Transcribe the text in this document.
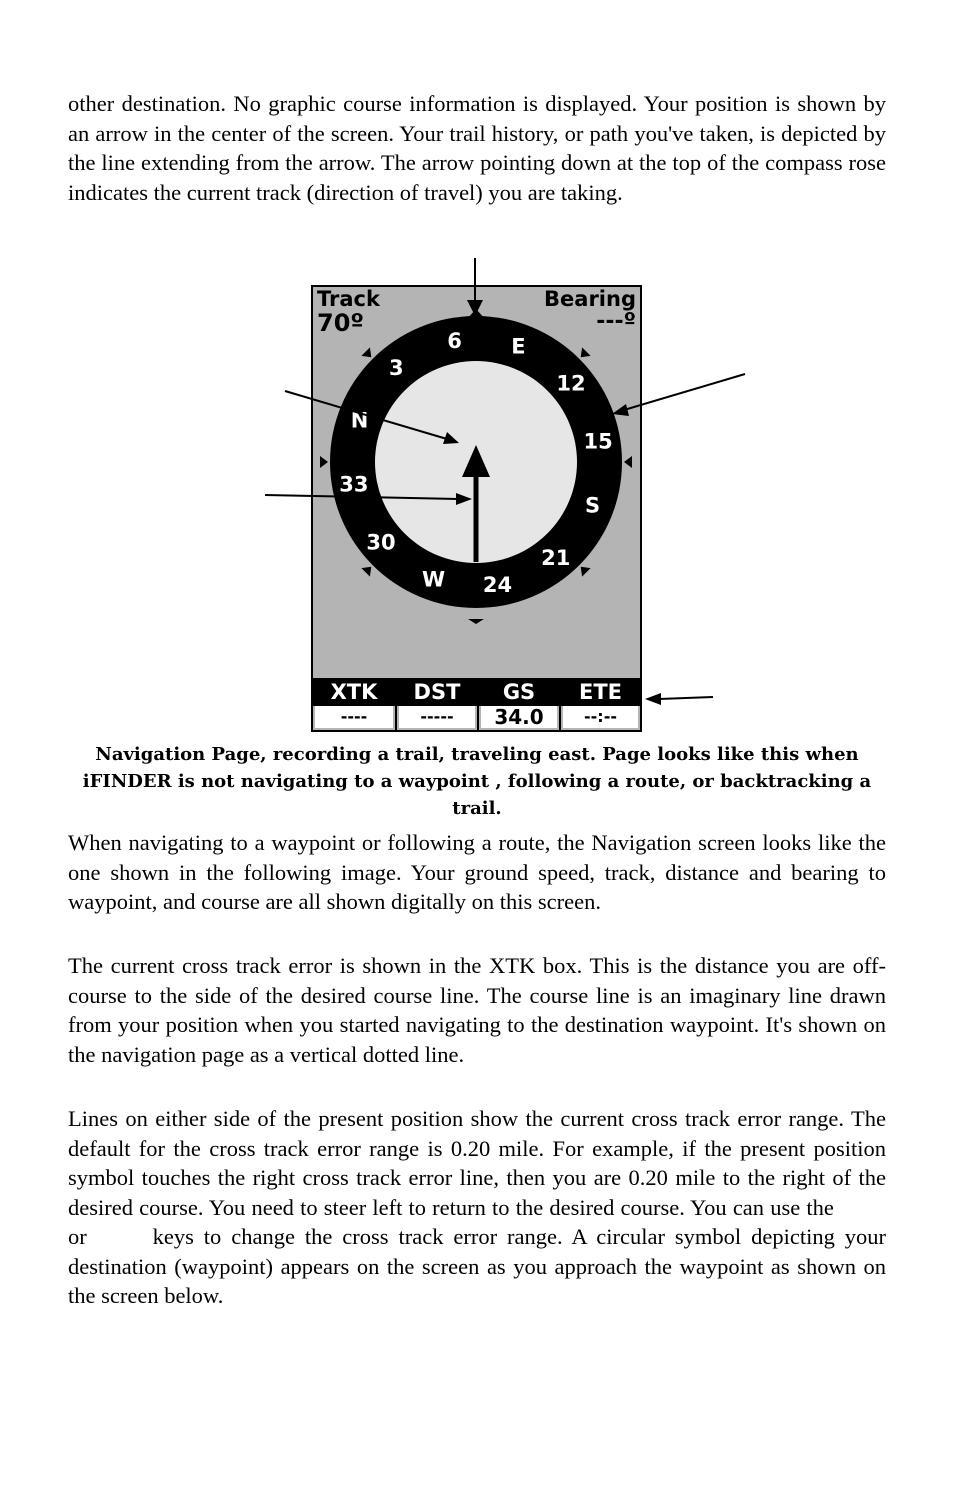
other destination. No graphic course information is displayed. Your position is shown by an arrow in the center of the screen. Your trail history, or path you've taken, is depicted by the line extending from the arrow. The arrow pointing down at the top of the compass rose indicates the current track (direction of travel) you are taking.

Track
70º
Bearing
---º
XTK
----
DST
-----
GS
34.0
ETE
--:--
6 E
12
15
S
21
24
W
30
33
N
3

Navigation Page, recording a trail, traveling east. Page looks like this when iFINDER is not navigating to a waypoint , following a route, or backtracking a trail.

When navigating to a waypoint or following a route, the Navigation screen looks like the one shown in the following image. Your ground speed, track, distance and bearing to waypoint, and course are all shown digitally on this screen.

The current cross track error is shown in the XTK box. This is the distance you are off-course to the side of the desired course line. The course line is an imaginary line drawn from your position when you started navigating to the destination waypoint. It's shown on the navigation page as a vertical dotted line.

Lines on either side of the present position show the current cross track error range. The default for the cross track error range is 0.20 mile. For example, if the present position symbol touches the right cross track error line, then you are 0.20 mile to the right of the desired course. You need to steer left to return to the desired course. You can use the  or	keys to change the cross track error range. A circular symbol depicting your destination (waypoint) appears on the screen as you approach the waypoint as shown on the screen below.
